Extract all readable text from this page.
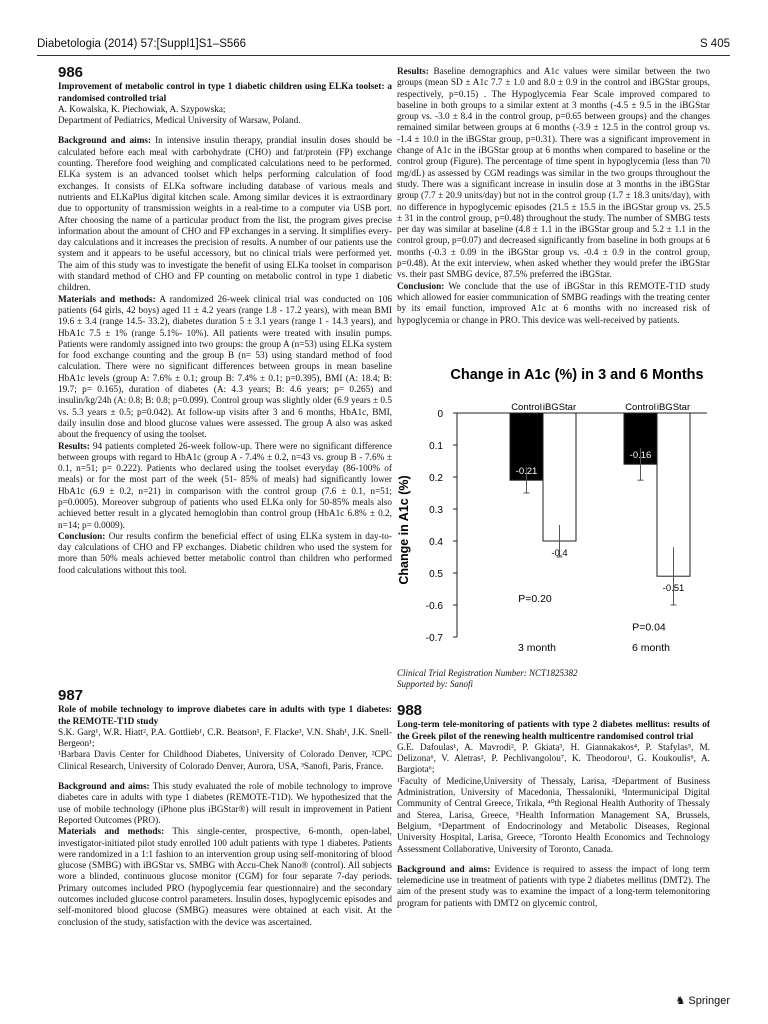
Diabetologia (2014) 57:[Suppl1]S1–S566	S 405
986

Improvement of metabolic control in type 1 diabetic children using ELKa toolset: a randomised controlled trial

A. Kowalska, K. Piechowiak, A. Szypowska;

Department of Pediatrics, Medical University of Warsaw, Poland.

Background and aims: In intensive insulin therapy, prandial insulin doses should be calculated before each meal with carbohydrate (CHO) and fat/protein (FP) exchange counting. Therefore food weighing and complicated calculations need to be performed. ELKa system is an advanced toolset which helps performing calculation of food exchanges. It consists of ELKa software including database of various meals and nutrients and ELKaPlus digital kitchen scale. Among similar devices it is extraordinary due to opportunity of transmission weights in a real-time to a computer via USB port. After choosing the name of a particular product from the list, the program gives precise information about the amount of CHO and FP exchanges in a serving. It simplifies every-day calculations and it increases the precision of results. A number of our patients use the system and it appears to be useful accessory, but no clinical trials were performed yet. The aim of this study was to investigate the benefit of using ELKa toolset in comparison with standard method of CHO and FP counting on metabolic control in type 1 diabetic children.

Materials and methods: A randomized 26-week clinical trial was conducted on 106 patients (64 girls, 42 boys) aged 11 ± 4.2 years (range 1.8 - 17.2 years), with mean BMI 19.6 ± 3.4 (range 14.5- 33.2), diabetes duration 5 ± 3.1 years (range 1 - 14.3 years), and HbA1c 7.5 ± 1% (range 5.1%- 10%). All patients were treated with insulin pumps. Patients were randomly assigned into two groups: the group A (n=53) using ELKa system for food exchange counting and the group B (n= 53) using standard method of food calculation. There were no significant differences between groups in mean baseline HbA1c levels (group A: 7.6% ± 0.1; group B: 7.4% ± 0.1; p=0.395), BMI (A: 18.4; B: 19.7; p= 0.165), duration of diabetes (A: 4.3 years; B: 4.6 years; p= 0.265) and insulin/kg/24h (A: 0.8; B: 0.8; p=0.099). Control group was slightly older (6.9 years ± 0.5 vs. 5.3 years ± 0.5; p=0.042). At follow-up visits after 3 and 6 months, HbA1c, BMI, daily insulin dose and blood glucose values were assessed. The group A also was asked about the frequency of using the toolset.

Results: 94 patients completed 26-week follow-up. There were no significant difference between groups with regard to HbA1c (group A - 7.4% ± 0.2, n=43 vs. group B - 7.6% ± 0.1, n=51; p= 0.222). Patients who declared using the toolset everyday (86-100% of meals) or for the most part of the week (51- 85% of meals) had significantly lower HbA1c (6.9 ± 0.2, n=21) in comparison with the control group (7.6 ± 0.1, n=51; p=0.0005). Moreover subgroup of patients who used ELKa only for 50-85% meals also achieved better result in a glycated hemoglobin than control group (HbA1c 6.8% ± 0.2, n=14; p= 0.0009).

Conclusion: Our results confirm the beneficial effect of using ELKa system in day-to-day calculations of CHO and FP exchanges. Diabetic children who used the system for more than 50% meals achieved better metabolic control than children who performed food calculations without this tool.

987

Role of mobile technology to improve diabetes care in adults with type 1 diabetes: the REMOTE-T1D study

S.K. Garg¹, W.R. Hiatt², P.A. Gottlieb¹, C.R. Beatson¹, F. Flacke³, V.N. Shah¹, J.K. Snell-Bergeon¹;

¹Barbara Davis Center for Childhood Diabetes, University of Colorado Denver, ²CPC Clinical Research, University of Colorado Denver, Aurora, USA, ³Sanofi, Paris, France.

Background and aims: This study evaluated the role of mobile technology to improve diabetes care in adults with type 1 diabetes (REMOTE-T1D). We hypothesized that the use of mobile technology (iPhone plus iBGStar®) will result in improvement in Patient Reported Outcomes (PRO).

Materials and methods: This single-center, prospective, 6-month, open-label, investigator-initiated pilot study enrolled 100 adult patients with type 1 diabetes. Patients were randomized in a 1:1 fashion to an intervention group using self-monitoring of blood glucose (SMBG) with iBGStar vs. SMBG with Accu-Chek Nano® (control). All subjects wore a blinded, continuous glucose monitor (CGM) for four separate 7-day periods. Primary outcomes included PRO (hypoglycemia fear questionnaire) and the secondary outcomes included glucose control parameters. Insulin doses, hypoglycemic episodes and self-monitored blood glucose (SMBG) measures were obtained at each visit. At the conclusion of the study, satisfaction with the device was ascertained.

Results: Baseline demographics and A1c values were similar between the two groups (mean SD ± A1c 7.7 ± 1.0 and 8.0 ± 0.9 in the control and iBGStar groups, respectively, p=0.15) . The Hypoglycemia Fear Scale improved compared to baseline in both groups to a similar extent at 3 months (-4.5 ± 9.5 in the iBGStar group vs. -3.0 ± 8.4 in the control group, p=0.65 between groups) and the changes remained similar between groups at 6 months (-3.9 ± 12.5 in the control group vs. -1.4 ± 10.0 in the iBGStar group, p=0.31). There was a significant improvement in change of A1c in the iBGStar group at 6 months when compared to baseline or the control group (Figure). The percentage of time spent in hypoglycemia (less than 70 mg/dL) as assessed by CGM readings was similar in the two groups throughout the study. There was a significant increase in insulin dose at 3 months in the iBGStar group (7.7 ± 20.9 units/day) but not in the control group (1.7 ± 18.3 units/day), with no difference in hypoglycemic episodes (21.5 ± 15.5 in the iBGStar group vs. 25.5 ± 31 in the control group, p=0.48) throughout the study. The number of SMBG tests per day was similar at baseline (4.8 ± 1.1 in the iBGStar group and 5.2 ± 1.1 in the control group, p=0.07) and decreased significantly from baseline in both groups at 6 months (-0.3 ± 0.09 in the iBGStar group vs. -0.4 ± 0.9 in the control group, p=0.48). At the exit interview, when asked whether they would prefer the iBGStar vs. their past SMBG device, 87.5% preferred the iBGStar.

Conclusion: We conclude that the use of iBGStar in this REMOTE-T1D study which allowed for easier communication of SMBG readings with the treating center by its email function, improved A1c at 6 months with no increased risk of hypoglycemia or change in PRO. This device was well-received by patients.

Change in A1c (%) in 3 and 6 Months
Change in A1c (%)
0
0.1
0.2
0.3
0.4
0.5
-0.6
-0.7
Control
-0.21
iBGStar
-0.4
P=0.20
3 month
Control
-0.16
iBGStar
-0.51
P=0.04
6 month
Clinical Trial Registration Number: NCT1825382
Supported by: Sanofi
988

Long-term tele-monitoring of patients with type 2 diabetes mellitus: results of the Greek pilot of the renewing health multicentre randomised control trial

G.E. Dafoulas¹, A. Mavrodi², P. Gkiata³, H. Giannakakos⁴, P. Stafylas⁵, M. Delizona⁶, V. Aletras², P. Pechlivangolou⁷, K. Theodorou¹, G. Koukoulis⁶, A. Bargiota⁶;

¹Faculty of Medicine,University of Thessaly, Larisa, ²Department of Business Administration, University of Macedonia, Thessaloniki, ³Intermunicipal Digital Community of Central Greece, Trikala, ⁴⁰th Regional Health Authority of Thessaly and Sterea, Larisa, Greece, ⁵Health Information Management SA, Brussels, Belgium, ⁶Department of Endocrinology and Metabolic Diseases, Regional University Hospital, Larisa, Greece, ⁷Toronto Health Economics and Technology Assessment Collaborative, University of Toronto, Canada.

Background and aims: Evidence is required to assess the impact of long term telemedicine use in treatment of patients with type 2 diabetes mellitus (DMT2). The aim of the present study was to examine the impact of a long-term telemonitoring program for patients with DMT2 on glycemic control,

♞ Springer
